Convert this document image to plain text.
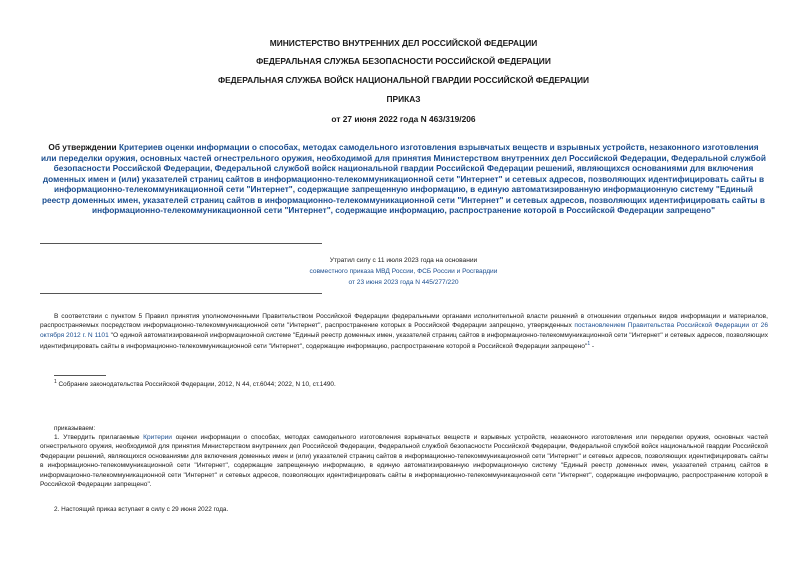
МИНИСТЕРСТВО ВНУТРЕННИХ ДЕЛ РОССИЙСКОЙ ФЕДЕРАЦИИ
ФЕДЕРАЛЬНАЯ СЛУЖБА БЕЗОПАСНОСТИ РОССИЙСКОЙ ФЕДЕРАЦИИ
ФЕДЕРАЛЬНАЯ СЛУЖБА ВОЙСК НАЦИОНАЛЬНОЙ ГВАРДИИ РОССИЙСКОЙ ФЕДЕРАЦИИ
ПРИКАЗ
от 27 июня 2022 года N 463/319/206
Об утверждении Критериев оценки информации о способах, методах самодельного изготовления взрывчатых веществ и взрывных устройств, незаконного изготовления или переделки оружия, основных частей огнестрельного оружия, необходимой для принятия Министерством внутренних дел Российской Федерации, Федеральной службой безопасности Российской Федерации, Федеральной службой войск национальной гвардии Российской Федерации решений, являющихся основаниями для включения доменных имен и (или) указателей страниц сайтов в информационно-телекоммуникационной сети "Интернет" и сетевых адресов, позволяющих идентифицировать сайты в информационно-телекоммуникационной сети "Интернет", содержащие запрещенную информацию, в единую автоматизированную информационную систему "Единый реестр доменных имен, указателей страниц сайтов в информационно-телекоммуникационной сети "Интернет" и сетевых адресов, позволяющих идентифицировать сайты в информационно-телекоммуникационной сети "Интернет", содержащие информацию, распространение которой в Российской Федерации запрещено"
Утратил силу с 11 июля 2023 года на основании
совместного приказа МВД России, ФСБ России и Росгвардии
от 23 июня 2023 года N 445/277/220
В соответствии с пунктом 5 Правил принятия уполномоченными Правительством Российской Федерации федеральными органами исполнительной власти решений в отношении отдельных видов информации и материалов, распространяемых посредством информационно-телекоммуникационной сети "Интернет", распространение которых в Российской Федерации запрещено, утвержденных постановлением Правительства Российской Федерации от 26 октября 2012 г. N 1101 "О единой автоматизированной информационной системе "Единый реестр доменных имен, указателей страниц сайтов в информационно-телекоммуникационной сети "Интернет" и сетевых адресов, позволяющих идентифицировать сайты в информационно-телекоммуникационной сети "Интернет", содержащие информацию, распространение которой в Российской Федерации запрещено"$^1$ -
$^1$ Собрание законодательства Российской Федерации, 2012, N 44, ст.6044; 2022, N 10, ст.1490.
приказываем:
1. Утвердить прилагаемые Критерии оценки информации о способах, методах самодельного изготовления взрывчатых веществ и взрывных устройств, незаконного изготовления или переделки оружия, основных частей огнестрельного оружия, необходимой для принятия Министерством внутренних дел Российской Федерации, Федеральной службой безопасности Российской Федерации, Федеральной службой войск национальной гвардии Российской Федерации решений, являющихся основаниями для включения доменных имен и (или) указателей страниц сайтов в информационно-телекоммуникационной сети "Интернет" и сетевых адресов, позволяющих идентифицировать сайты в информационно-телекоммуникационной сети "Интернет", содержащие запрещенную информацию, в единую автоматизированную информационную систему "Единый реестр доменных имен, указателей страниц сайтов в информационно-телекоммуникационной сети "Интернет" и сетевых адресов, позволяющих идентифицировать сайты в информационно-телекоммуникационной сети "Интернет", содержащие информацию, распространение которой в Российской Федерации запрещено".
2. Настоящий приказ вступает в силу с 29 июня 2022 года.
